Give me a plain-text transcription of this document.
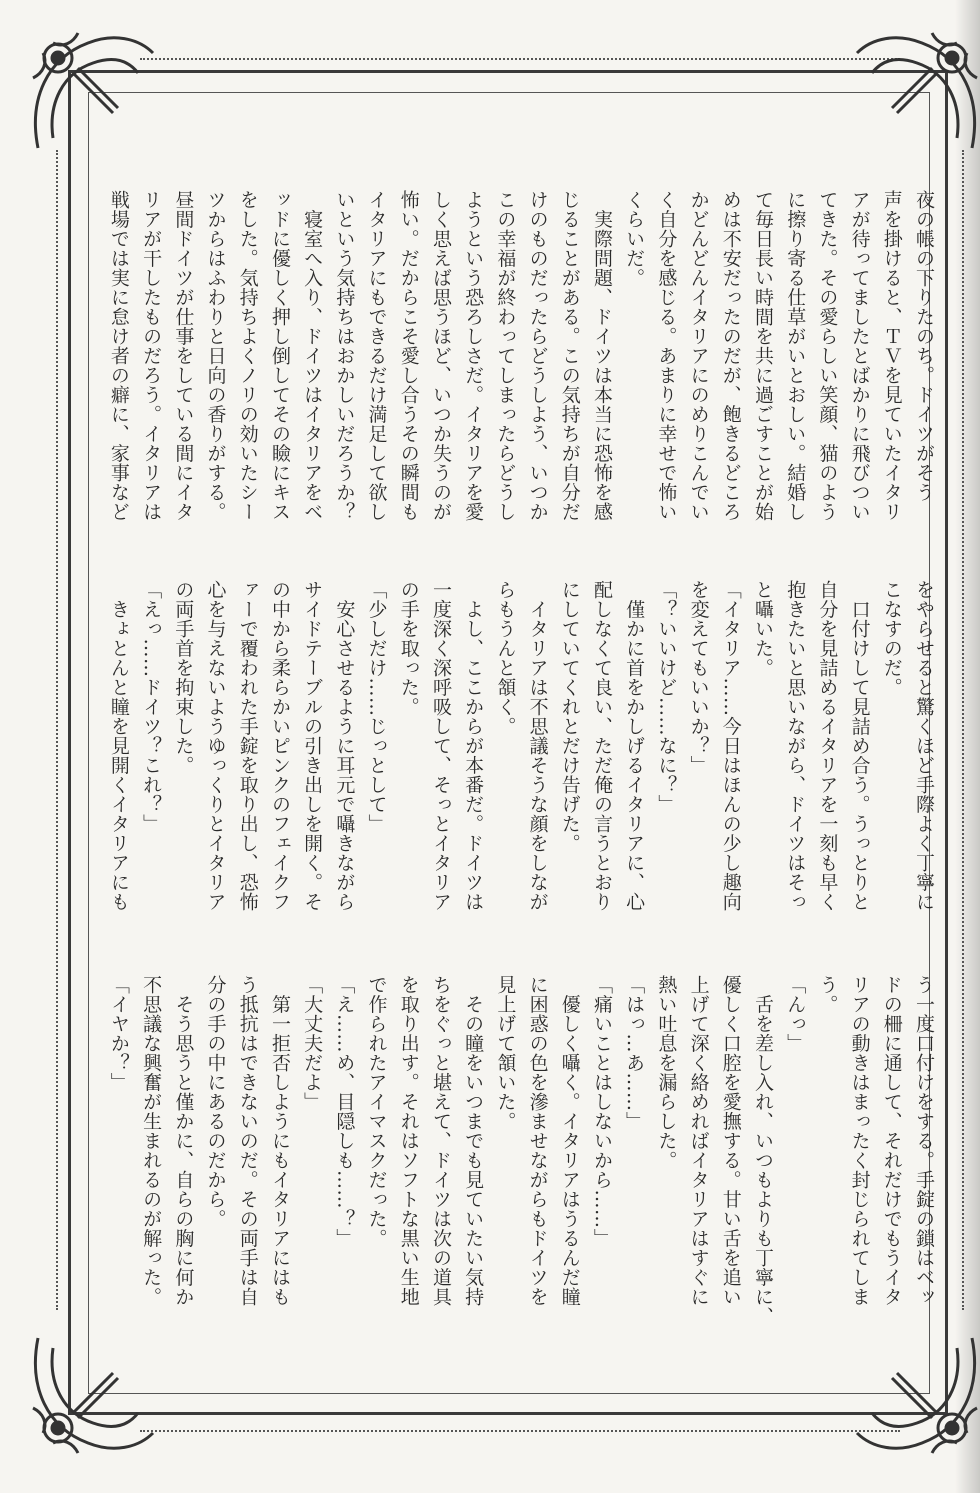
夜の帳の下りたのち。ドイツがそう

声を掛けると、ＴＶを見ていたイタリ

アが待ってましたとばかりに飛びつい

てきた。その愛らしい笑顔、猫のよう

に擦り寄る仕草がいとおしい。結婚し

て毎日長い時間を共に過ごすことが始

めは不安だったのだが、飽きるどころ

かどんどんイタリアにのめりこんでい

く自分を感じる。あまりに幸せで怖い

くらいだ。

　実際問題、ドイツは本当に恐怖を感

じることがある。この気持ちが自分だ

けのものだったらどうしよう、いつか

この幸福が終わってしまったらどうし

ようという恐ろしさだ。イタリアを愛

しく思えば思うほど、いつか失うのが

怖い。だからこそ愛し合うその瞬間も

イタリアにもできるだけ満足して欲し

いという気持ちはおかしいだろうか？

　寝室へ入り、ドイツはイタリアをベ

ッドに優しく押し倒してその瞼にキス

をした。気持ちよくノリの効いたシー

ツからはふわりと日向の香りがする。

昼間ドイツが仕事をしている間にイタ

リアが干したものだろう。イタリアは

戦場では実に怠け者の癖に、家事など

をやらせると驚くほど手際よく丁寧に

こなすのだ。

　口付けして見詰め合う。うっとりと

自分を見詰めるイタリアを一刻も早く

抱きたいと思いながら、ドイツはそっ

と囁いた。

「イタリア……今日はほんの少し趣向

を変えてもいいか？」

「？いいけど……なに？」

　僅かに首をかしげるイタリアに、心

配しなくて良い、ただ俺の言うとおり

にしていてくれとだけ告げた。

　イタリアは不思議そうな顔をしなが

らもうんと頷く。

　よし、ここからが本番だ。ドイツは

一度深く深呼吸して、そっとイタリア

の手を取った。

「少しだけ……じっとして」

　安心させるように耳元で囁きながら

サイドテーブルの引き出しを開く。そ

の中から柔らかいピンクのフェイクフ

ァーで覆われた手錠を取り出し、恐怖

心を与えないようゆっくりとイタリア

の両手首を拘束した。

「えっ……ドイツ？これ？」

　きょとんと瞳を見開くイタリアにも

う一度口付けをする。手錠の鎖はベッ

ドの柵に通して、それだけでもうイタ

リアの動きはまったく封じられてしま

う。

「んっ」

　舌を差し入れ、いつもよりも丁寧に、

優しく口腔を愛撫する。甘い舌を追い

上げて深く絡めればイタリアはすぐに

熱い吐息を漏らした。

「はっ…あ……」

「痛いことはしないから……」

　優しく囁く。イタリアはうるんだ瞳

に困惑の色を滲ませながらもドイツを

見上げて頷いた。

　その瞳をいつまでも見ていたい気持

ちをぐっと堪えて、ドイツは次の道具

を取り出す。それはソフトな黒い生地

で作られたアイマスクだった。

「え……め、目隠しも……？」

「大丈夫だよ」

　第一拒否しようにもイタリアにはも

う抵抗はできないのだ。その両手は自

分の手の中にあるのだから。

　そう思うと僅かに、自らの胸に何か

不思議な興奮が生まれるのが解った。

「イヤか？」
